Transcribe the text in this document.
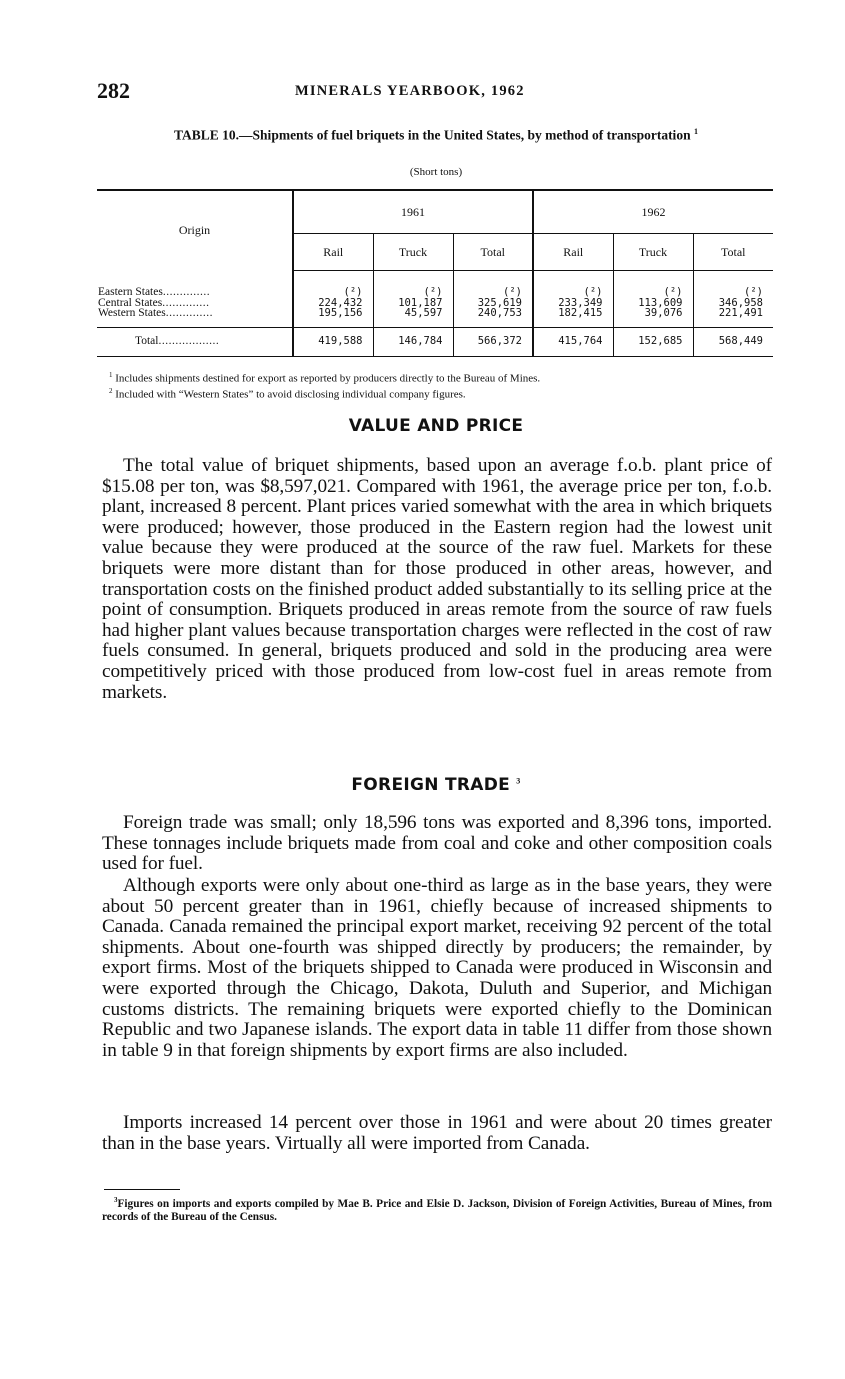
282	MINERALS YEARBOOK, 1962
TABLE 10.—Shipments of fuel briquets in the United States, by method of transportation $^1$
(Short tons)
Origin	1961			1962		
	Rail	Truck	Total	Rail	Truck	Total
Eastern States..............	(²)	(²)	(²)	(²)	(²)	(²)
Central States..............	224,432	101,187	325,619	233,349	113,609	346,958
Western States..............	195,156	45,597	240,753	182,415	39,076	221,491
Total..................	419,588	146,784	566,372	415,764	152,685	568,449
$^1$ Includes shipments destined for export as reported by producers directly to the Bureau of Mines.
$^2$ Included with “Western States” to avoid disclosing individual company figures.
VALUE AND PRICE

The total value of briquet shipments, based upon an average f.o.b. plant price of $15.08 per ton, was $8,597,021. Compared with 1961, the average price per ton, f.o.b. plant, increased 8 percent. Plant prices varied somewhat with the area in which briquets were produced; however, those produced in the Eastern region had the lowest unit value because they were produced at the source of the raw fuel. Markets for these briquets were more distant than for those produced in other areas, however, and transportation costs on the finished product added substantially to its selling price at the point of consumption. Briquets produced in areas remote from the source of raw fuels had higher plant values because transportation charges were reflected in the cost of raw fuels consumed. In general, briquets produced and sold in the producing area were competitively priced with those produced from low-cost fuel in areas remote from markets.

FOREIGN TRADE $^3$

Foreign trade was small; only 18,596 tons was exported and 8,396 tons, imported. These tonnages include briquets made from coal and coke and other composition coals used for fuel.

Although exports were only about one-third as large as in the base years, they were about 50 percent greater than in 1961, chiefly because of increased shipments to Canada. Canada remained the principal export market, receiving 92 percent of the total shipments. About one-fourth was shipped directly by producers; the remainder, by export firms. Most of the briquets shipped to Canada were produced in Wisconsin and were exported through the Chicago, Dakota, Duluth and Superior, and Michigan customs districts. The remaining briquets were exported chiefly to the Dominican Republic and two Japanese islands. The export data in table 11 differ from those shown in table 9 in that foreign shipments by export firms are also included.

Imports increased 14 percent over those in 1961 and were about 20 times greater than in the base years. Virtually all were imported from Canada.

$^3$Figures on imports and exports compiled by Mae B. Price and Elsie D. Jackson, Division of Foreign Activities, Bureau of Mines, from records of the Bureau of the Census.
